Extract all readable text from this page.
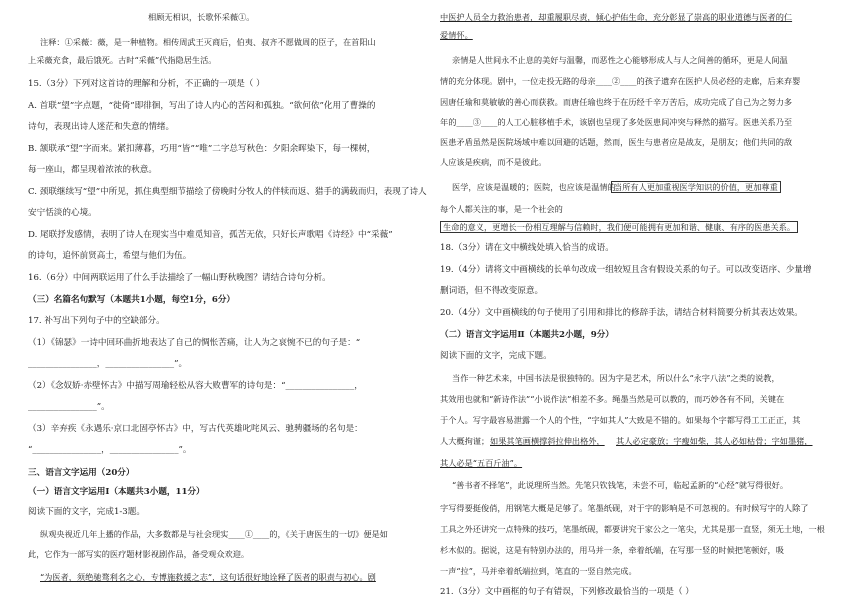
相顾无相识，长歌怀采薇①。
注释：①采薇：薇，是一种植物。相传周武王灭商后，伯夷、叔齐不愿做周的臣子，在首阳山
上采薇充食，最后饿死。古时“采薇”代指隐居生活。
15.（3分）下列对这首诗的理解和分析，不正确的一项是（ ）
A. 首联“望”字点题，“徙倚”即徘徊，写出了诗人内心的苦闷和孤独。“欲何依”化用了曹操的
诗句，表现出诗人迷茫和失意的情绪。
B. 颔联承“望”字而来。紧扣薄暮，巧用“皆”“唯”二字总写秋色：夕阳余晖染下，每一棵树，
每一座山，都呈现着浓浓的秋意。
C. 颈联继续写“望”中所见，抓住典型细节描绘了傍晚时分牧人的伴犊而返、猎手的满载而归，表现了诗人
安宁恬淡的心境。
D. 尾联抒发感情，表明了诗人在现实当中难觅知音，孤苦无依，只好长声歌唱《诗经》中“采薇”
的诗句，追怀前贤高士，希望与他们为伍。
16.（6分）中间两联运用了什么手法描绘了一幅山野秋晚图？请结合诗句分析。
（三）名篇名句默写（本题共1小题，每空1分，6分）
17. 补写出下列句子中的空缺部分。
（1）《锦瑟》一诗中回环曲折地表达了自己的惆怅苦痛，让人为之哀惋不已的句子是：“
________________，________________”。
（2）《念奴娇·赤壁怀古》中描写周瑜轻松从容大败曹军的诗句是：“________________，
________________”。
（3）辛弃疾《永遇乐·京口北固亭怀古》中，写古代英雄叱咤风云、驰骋疆场的名句是：
“________________，________________”。
三、语言文字运用（20分）
（一）语言文字运用Ⅰ（本题共3小题，11分）
阅读下面的文字，完成1-3题。
纵观央视近几年上播的作品，大多数都是与社会现实____①____的，《关于唐医生的一切》便是如
此，它作为一部写实的医疗题材影视剧作品，备受观众欢迎。
“为医者，须绝驰骛利名之心，专博施救援之志”，这句话很好地诠释了医者的职责与初心。剧
中医护人员全力救治患者，却重履职尽责，倾心护佑生命，充分彰显了崇高的职业道德与医者的仁
爱情怀。
亲情是人世间永不止息的美好与温馨，而恶性之心能够形成人与人之间善的循环，更是人间温
情的充分体现。剧中，一位走投无路的母亲____②____的孩子遗弃在医护人员必经的走廊，后来弃婴
因唐任瑜和莫敏敏的善心而获救。而唐任瑜也终于在历经千辛万苦后，成功完成了自己为之努力多
年的____③____的人工心脏移植手术，该剧也呈现了多处医患间冲突与释然的描写。医患关系乃至
医患矛盾虽然是医院场域中难以回避的话题，然而，医生与患者应是战友，是朋友；他们共同的敌
人应该是疾病，而不是彼此。
医学，应该是温暖的；医院，也应该是温情的。
每个人都关注的事，是一个社会的
18.（3分）请在文中横线处填入恰当的成语。
19.（4分）请将文中画横线的长单句改成一组较短且含有假设关系的句子。可以改变语序、少量增
删词语，但不得改变原意。
20.（4分）文中画横线的句子使用了引用和排比的修辞手法，请结合材料简要分析其表达效果。
（二）语言文字运用Ⅱ（本题共2小题，9分）
阅读下面的文字，完成下题。
当作一种艺术来，中国书法是很独特的。因为字是艺术，所以什么“永字八法”之类的说教，
其效用也就和“新诗作法”“小说作法”相差不多。绳墨当然是可以教的，而巧妙各有不同，关键在
于个人。写字最容易泄露一个人的个性，“字如其人”大致是不错的。如果每个字都写得工工正正，其
人大概拘谨；	其人必定豪放；字瘦如柴，其人必如枯骨；字如墨猪，
其人必是“五百斤油”。
“善书者不择笔”，此说理所当然。先笔只钦钱笔，未尝不可，临起孟新的“心经”就写得很好。
字写得要挺俊俏，用钢笔大概是足够了。笔墨纸砚，对于字的影响是不可忽视的。有时候写字的人除了
工具之外还讲究一点特殊的技巧，笔墨纸砚，都要讲究于家公之一笔尖，尤其是那一直竖，须无土地，一根
杉木似的。据说，这是有特别办法的，用马并一条，牵着纸端，在写那一竖的时候把笔顿好，吸
一声“拉”，马并牵着纸端拉到，笔直的一竖自然完成。
21.（3分）文中画框的句子有错误，下列修改最恰当的一项是（ ）
当所有人更加重视医学知识的价值，更加尊重
生命的意义，更增长一份相互理解与信赖时，我们便可能拥有更加和谐、健康、有序的医患关系。
如果其笔画横撑斜拉伸出格外，
